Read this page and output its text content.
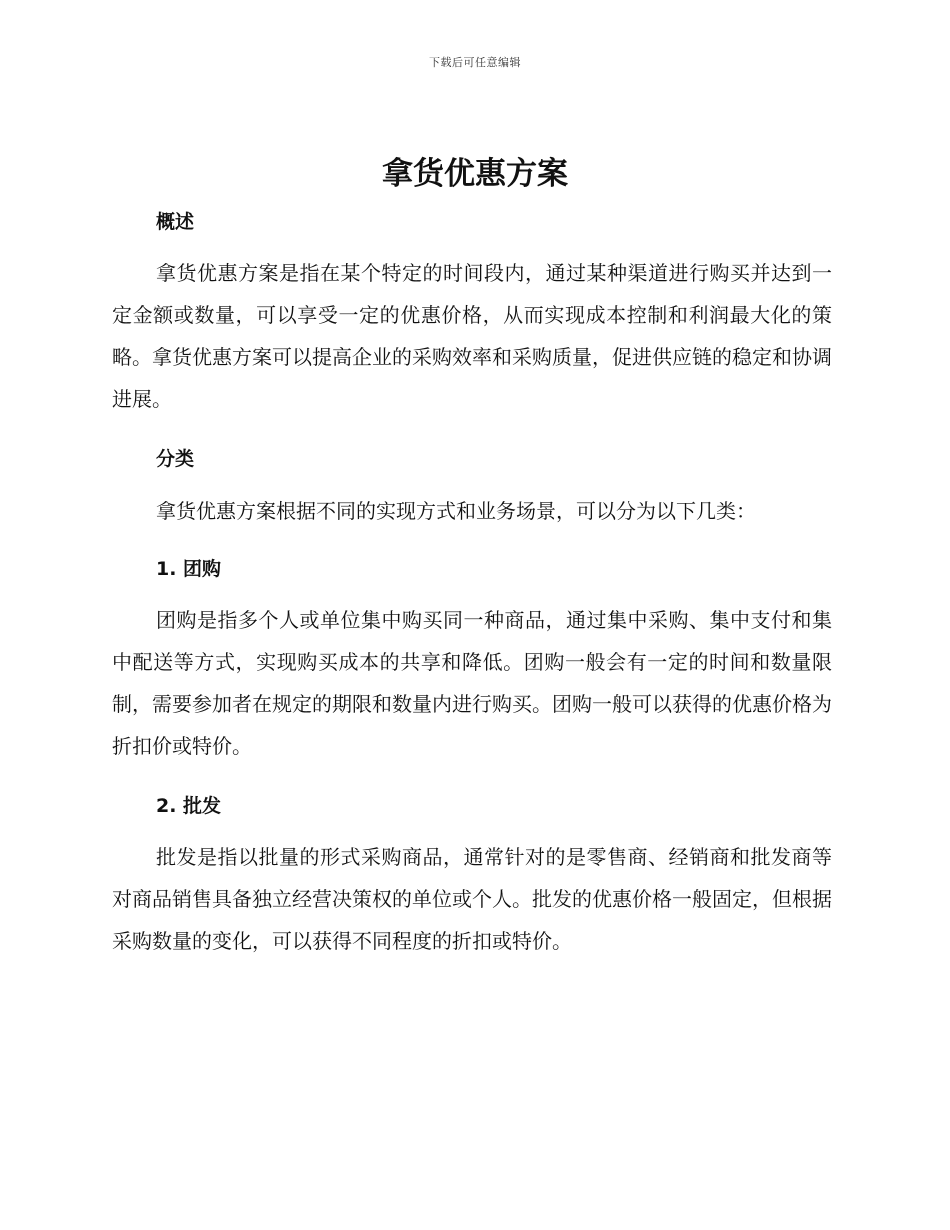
下载后可任意编辑
拿货优惠方案
概述

拿货优惠方案是指在某个特定的时间段内，通过某种渠道进行购买并达到一定金额或数量，可以享受一定的优惠价格，从而实现成本控制和利润最大化的策略。拿货优惠方案可以提高企业的采购效率和采购质量，促进供应链的稳定和协调进展。

分类

拿货优惠方案根据不同的实现方式和业务场景，可以分为以下几类：

1. 团购

团购是指多个人或单位集中购买同一种商品，通过集中采购、集中支付和集中配送等方式，实现购买成本的共享和降低。团购一般会有一定的时间和数量限制，需要参加者在规定的期限和数量内进行购买。团购一般可以获得的优惠价格为折扣价或特价。

2. 批发

批发是指以批量的形式采购商品，通常针对的是零售商、经销商和批发商等对商品销售具备独立经营决策权的单位或个人。批发的优惠价格一般固定，但根据采购数量的变化，可以获得不同程度的折扣或特价。
